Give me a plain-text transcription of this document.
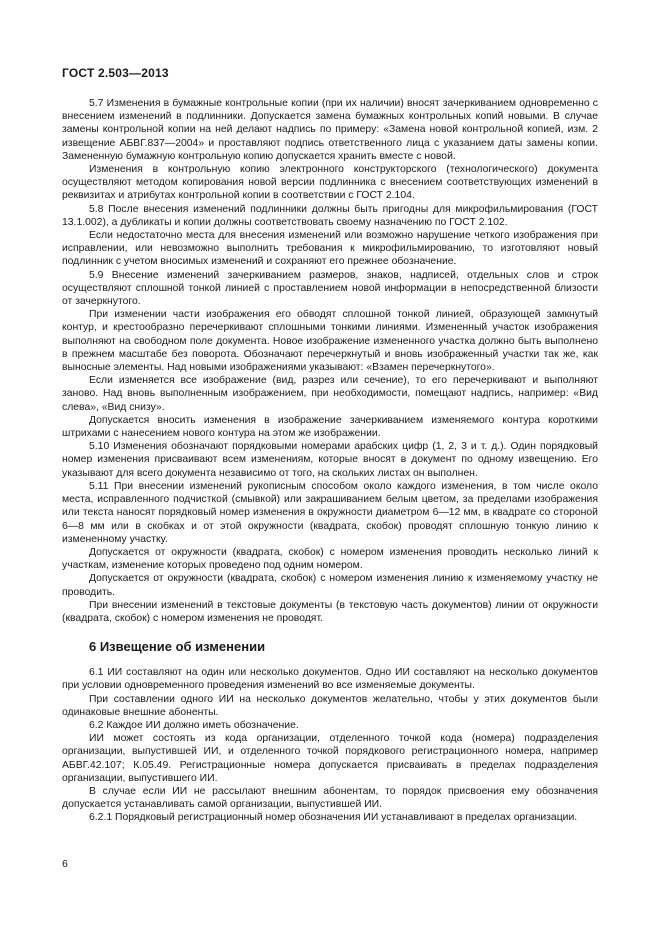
ГОСТ 2.503—2013

5.7 Изменения в бумажные контрольные копии (при их наличии) вносят зачеркиванием одновременно с внесением изменений в подлинники. Допускается замена бумажных контрольных копий новыми. В случае замены контрольной копии на ней делают надпись по примеру: «Замена новой контрольной копией, изм. 2 извещение АБВГ.837—2004» и проставляют подпись ответственного лица с указанием даты замены копии. Замененную бумажную контрольную копию допускается хранить вместе с новой.

Изменения в контрольную копию электронного конструкторского (технологического) документа осуществляют методом копирования новой версии подлинника с внесением соответствующих изменений в реквизитах и атрибутах контрольной копии в соответствии с ГОСТ 2.104.

5.8 После внесения изменений подлинники должны быть пригодны для микрофильмирования (ГОСТ 13.1.002), а дубликаты и копии должны соответствовать своему назначению по ГОСТ 2.102.

Если недостаточно места для внесения изменений или возможно нарушение четкого изображения при исправлении, или невозможно выполнить требования к микрофильмированию, то изготовляют новый подлинник с учетом вносимых изменений и сохраняют его прежнее обозначение.

5.9 Внесение изменений зачеркиванием размеров, знаков, надписей, отдельных слов и строк осуществляют сплошной тонкой линией с проставлением новой информации в непосредственной близости от зачеркнутого.

При изменении части изображения его обводят сплошной тонкой линией, образующей замкнутый контур, и крестообразно перечеркивают сплошными тонкими линиями. Измененный участок изображения выполняют на свободном поле документа. Новое изображение измененного участка должно быть выполнено в прежнем масштабе без поворота. Обозначают перечеркнутый и вновь изображенный участки так же, как выносные элементы. Над новыми изображениями указывают: «Взамен перечеркнутого».

Если изменяется все изображение (вид, разрез или сечение), то его перечеркивают и выполняют заново. Над вновь выполненным изображением, при необходимости, помещают надпись, например: «Вид слева», «Вид снизу».

Допускается вносить изменения в изображение зачеркиванием изменяемого контура короткими штрихами с нанесением нового контура на этом же изображении.

5.10 Изменения обозначают порядковыми номерами арабских цифр (1, 2, 3 и т. д.). Один порядковый номер изменения присваивают всем изменениям, которые вносят в документ по одному извещению. Его указывают для всего документа независимо от того, на скольких листах он выполнен.

5.11 При внесении изменений рукописным способом около каждого изменения, в том числе около места, исправленного подчисткой (смывкой) или закрашиванием белым цветом, за пределами изображения или текста наносят порядковый номер изменения в окружности диаметром 6—12 мм, в квадрате со стороной 6—8 мм или в скобках и от этой окружности (квадрата, скобок) проводят сплошную тонкую линию к измененному участку.

Допускается от окружности (квадрата, скобок) с номером изменения проводить несколько линий к участкам, изменение которых проведено под одним номером.

Допускается от окружности (квадрата, скобок) с номером изменения линию к изменяемому участку не проводить.

При внесении изменений в текстовые документы (в текстовую часть документов) линии от окружности (квадрата, скобок) с номером изменения не проводят.

6 Извещение об изменении

6.1 ИИ составляют на один или несколько документов. Одно ИИ составляют на несколько документов при условии одновременного проведения изменений во все изменяемые документы.

При составлении одного ИИ на несколько документов желательно, чтобы у этих документов были одинаковые внешние абоненты.

6.2 Каждое ИИ должно иметь обозначение.

ИИ может состоять из кода организации, отделенного точкой кода (номера) подразделения организации, выпустившей ИИ, и отделенного точкой порядкового регистрационного номера, например АБВГ.42.107; К.05.49. Регистрационные номера допускается присваивать в пределах подразделения организации, выпустившего ИИ.

В случае если ИИ не рассылают внешним абонентам, то порядок присвоения ему обозначения допускается устанавливать самой организации, выпустившей ИИ.

6.2.1 Порядковый регистрационный номер обозначения ИИ устанавливают в пределах организации.

6
